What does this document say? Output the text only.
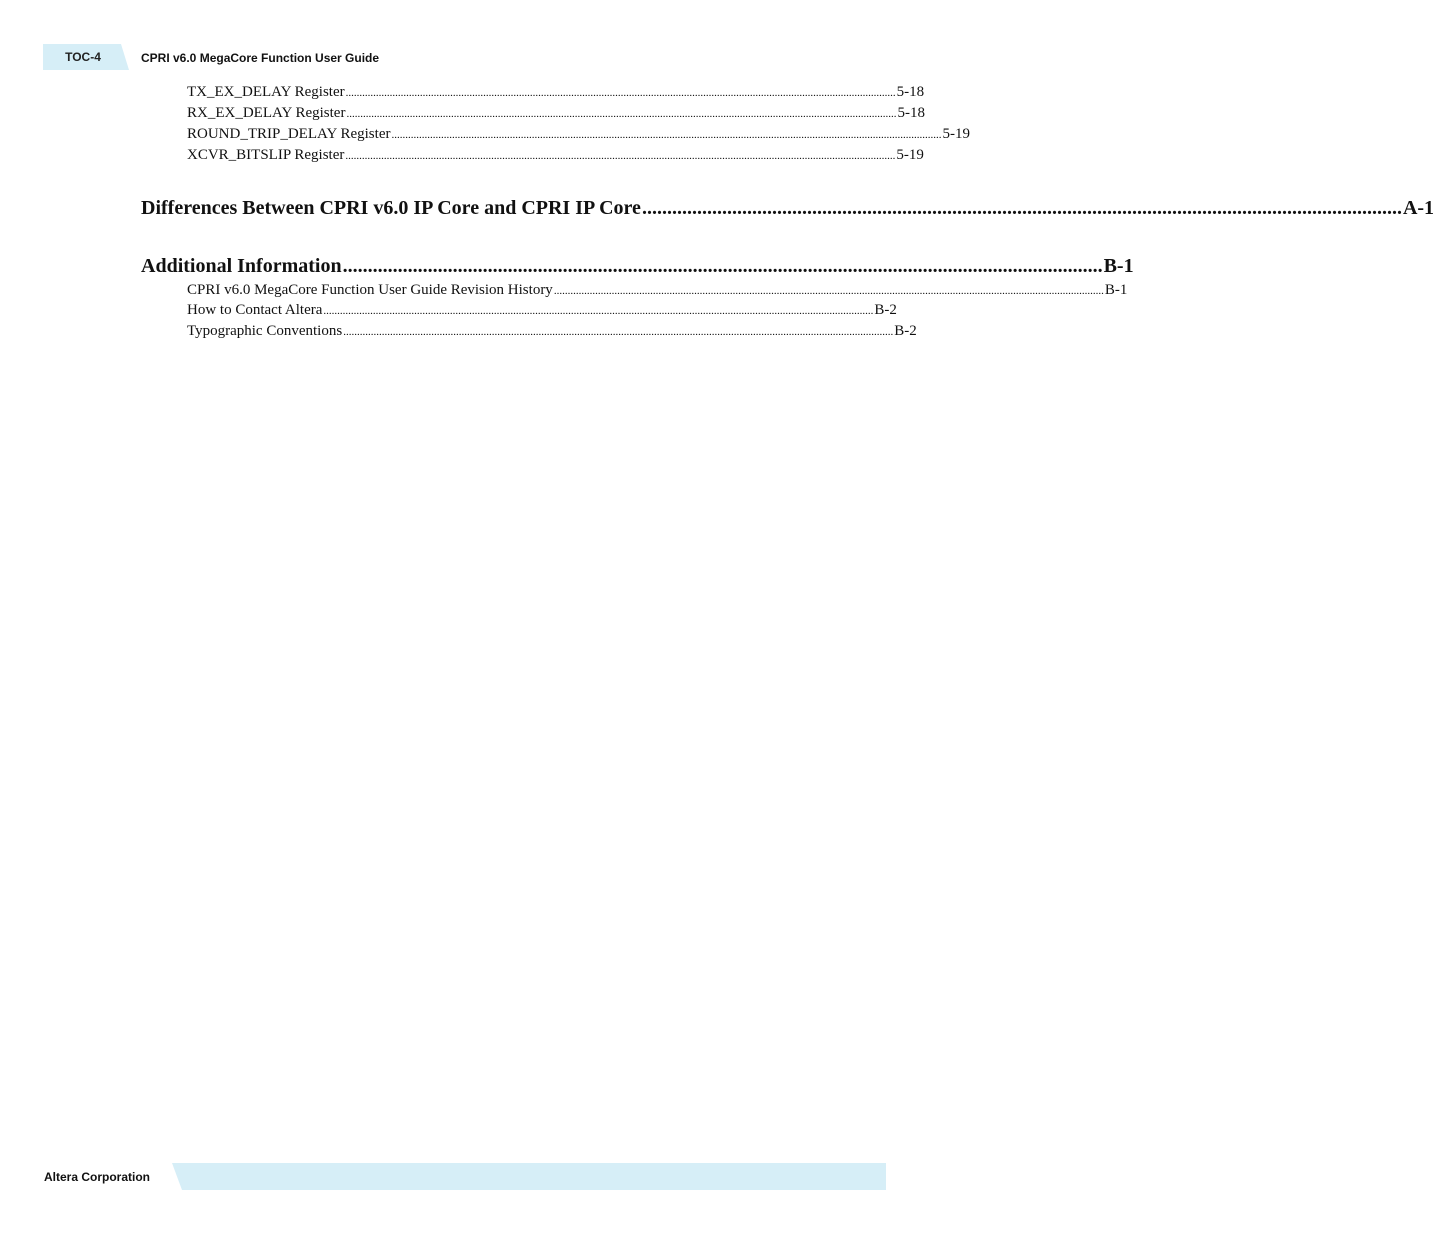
TOC-4	CPRI v6.0 MegaCore Function User Guide
TX_EX_DELAY Register ........................................................................................................................................................................................................ 5-18
RX_EX_DELAY Register ........................................................................................................................................................................................................ 5-18
ROUND_TRIP_DELAY Register ........................................................................................................................................................................................................ 5-19
XCVR_BITSLIP Register ........................................................................................................................................................................................................ 5-19
Differences Between CPRI v6.0 IP Core and CPRI IP Core ........................................................................................................................................................ A-1
Additional Information ........................................................................................................................................................ B-1
CPRI v6.0 MegaCore Function User Guide Revision History ........................................................................................................................................................................................................ B-1
How to Contact Altera ........................................................................................................................................................................................................ B-2
Typographic Conventions ........................................................................................................................................................................................................ B-2
Altera Corporation
